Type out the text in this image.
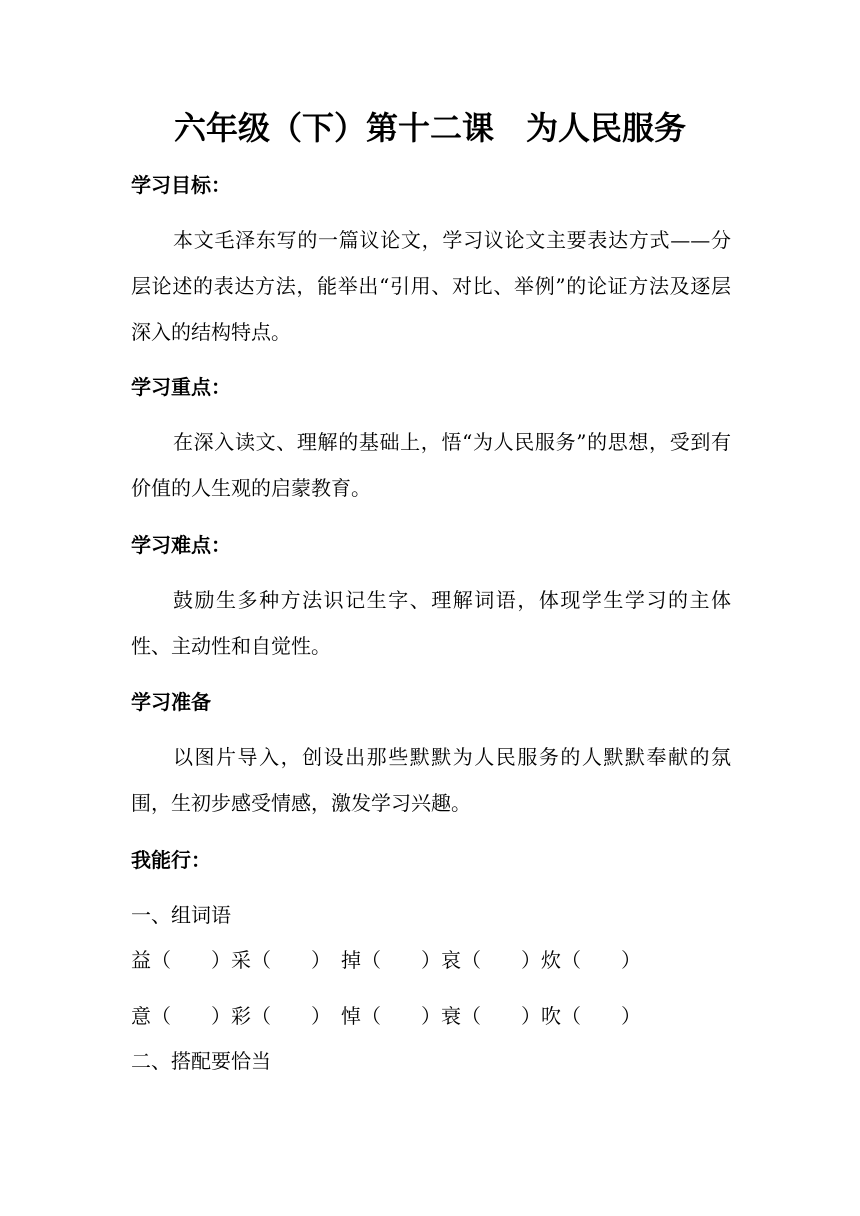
六年级（下）第十二课　为人民服务
学习目标：

本文毛泽东写的一篇议论文，学习议论文主要表达方式——分层论述的表达方法，能举出“引用、对比、举例”的论证方法及逐层深入的结构特点。

学习重点：

在深入读文、理解的基础上，悟“为人民服务”的思想，受到有价值的人生观的启蒙教育。

学习难点：

鼓励生多种方法识记生字、理解词语，体现学生学习的主体性、主动性和自觉性。

学习准备

以图片导入，创设出那些默默为人民服务的人默默奉献的氛围，生初步感受情感，激发学习兴趣。

我能行：
一、组词语
益（　　）采（　　）　掉（　　）哀（　　）炊（　　）
意（　　）彩（　　）　悼（　　）衰（　　）吹（　　）
二、搭配要恰当
